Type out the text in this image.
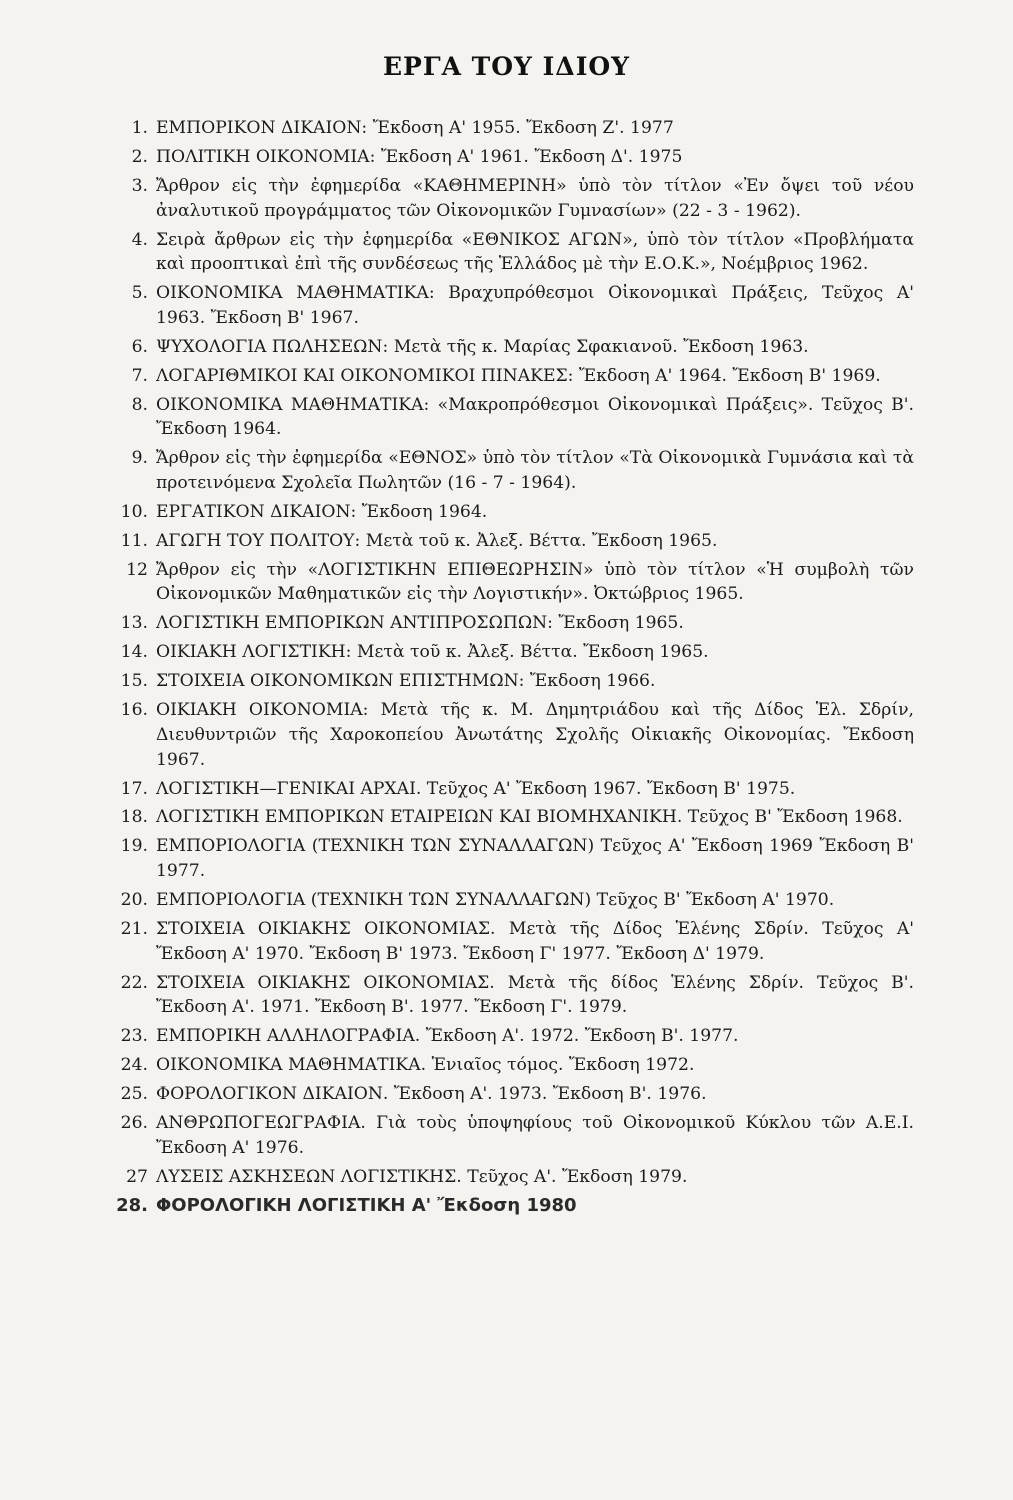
ΕΡΓΑ ΤΟΥ ΙΔΙΟΥ
1. ΕΜΠΟΡΙΚΟΝ ΔΙΚΑΙΟΝ: Ἔκδοση Α' 1955. Ἔκδοση Ζ'. 1977
2. ΠΟΛΙΤΙΚΗ ΟΙΚΟΝΟΜΙΑ: Ἔκδοση Α' 1961. Ἔκδοση Δ'. 1975
3. Ἄρθρον εἰς τὴν ἐφημερίδα «ΚΑΘΗΜΕΡΙΝΗ» ὑπὸ τὸν τίτλον «Ἐν ὄψει τοῦ νέου ἀναλυτικοῦ προγράμματος τῶν Οἰκονομικῶν Γυμνασίων» (22 - 3 - 1962).
4. Σειρὰ ἄρθρων εἰς τὴν ἐφημερίδα «ΕΘΝΙΚΟΣ ΑΓΩΝ», ὑπὸ τὸν τίτλον «Προβλήματα καὶ προοπτικαὶ ἐπὶ τῆς συνδέσεως τῆς Ἑλλάδος μὲ τὴν Ε.Ο.Κ.», Νοέμβριος 1962.
5. ΟΙΚΟΝΟΜΙΚΑ ΜΑΘΗΜΑΤΙΚΑ: Βραχυπρόθεσμοι Οἰκονομικαὶ Πράξεις, Τεῦχος Α' 1963. Ἔκδοση Β' 1967.
6. ΨΥΧΟΛΟΓΙΑ ΠΩΛΗΣΕΩΝ: Μετὰ τῆς κ. Μαρίας Σφακιανοῦ. Ἔκδοση 1963.
7. ΛΟΓΑΡΙΘΜΙΚΟΙ ΚΑΙ ΟΙΚΟΝΟΜΙΚΟΙ ΠΙΝΑΚΕΣ: Ἔκδοση Α' 1964. Ἔκδοση Β' 1969.
8. ΟΙΚΟΝΟΜΙΚΑ ΜΑΘΗΜΑΤΙΚΑ: «Μακροπρόθεσμοι Οἰκονομικαὶ Πράξεις». Τεῦχος Β'. Ἔκδοση 1964.
9. Ἄρθρον εἰς τὴν ἐφημερίδα «ΕΘΝΟΣ» ὑπὸ τὸν τίτλον «Τὰ Οἰκονομικὰ Γυμνάσια καὶ τὰ προτεινόμενα Σχολεῖα Πωλητῶν (16 - 7 - 1964).
10. ΕΡΓΑΤΙΚΟΝ ΔΙΚΑΙΟΝ: Ἔκδοση 1964.
11. ΑΓΩΓΗ ΤΟΥ ΠΟΛΙΤΟΥ: Μετὰ τοῦ κ. Ἀλεξ. Βέττα. Ἔκδοση 1965.
12 Ἄρθρον εἰς τὴν «ΛΟΓΙΣΤΙΚΗΝ ΕΠΙΘΕΩΡΗΣΙΝ» ὑπὸ τὸν τίτλον «Ἡ συμβολὴ τῶν Οἰκονομικῶν Μαθηματικῶν εἰς τὴν Λογιστικήν». Ὀκτώβριος 1965.
13. ΛΟΓΙΣΤΙΚΗ ΕΜΠΟΡΙΚΩΝ ΑΝΤΙΠΡΟΣΩΠΩΝ: Ἔκδοση 1965.
14. ΟΙΚΙΑΚΗ ΛΟΓΙΣΤΙΚΗ: Μετὰ τοῦ κ. Ἀλεξ. Βέττα. Ἔκδοση 1965.
15. ΣΤΟΙΧΕΙΑ ΟΙΚΟΝΟΜΙΚΩΝ ΕΠΙΣΤΗΜΩΝ: Ἔκδοση 1966.
16. ΟΙΚΙΑΚΗ ΟΙΚΟΝΟΜΙΑ: Μετὰ τῆς κ. Μ. Δημητριάδου καὶ τῆς Δίδος Ἑλ. Σδρίν, Διευθυντριῶν τῆς Χαροκοπείου Ἀνωτάτης Σχολῆς Οἰκιακῆς Οἰκονομίας. Ἔκδοση 1967.
17. ΛΟΓΙΣΤΙΚΗ—ΓΕΝΙΚΑΙ ΑΡΧΑΙ. Τεῦχος Α' Ἔκδοση 1967. Ἔκδοση Β' 1975.
18. ΛΟΓΙΣΤΙΚΗ ΕΜΠΟΡΙΚΩΝ ΕΤΑΙΡΕΙΩΝ ΚΑΙ ΒΙΟΜΗΧΑΝΙΚΗ. Τεῦχος Β' Ἔκδοση 1968.
19. ΕΜΠΟΡΙΟΛΟΓΙΑ (ΤΕΧΝΙΚΗ ΤΩΝ ΣΥΝΑΛΛΑΓΩΝ) Τεῦχος Α' Ἔκδοση 1969 Ἔκδοση Β' 1977.
20. ΕΜΠΟΡΙΟΛΟΓΙΑ (ΤΕΧΝΙΚΗ ΤΩΝ ΣΥΝΑΛΛΑΓΩΝ) Τεῦχος Β' Ἔκδοση Α' 1970.
21. ΣΤΟΙΧΕΙΑ ΟΙΚΙΑΚΗΣ ΟΙΚΟΝΟΜΙΑΣ. Μετὰ τῆς Δίδος Ἑλένης Σδρίν. Τεῦχος Α' Ἔκδοση Α' 1970. Ἔκδοση Β' 1973. Ἔκδοση Γ' 1977. Ἔκδοση Δ' 1979.
22. ΣΤΟΙΧΕΙΑ ΟΙΚΙΑΚΗΣ ΟΙΚΟΝΟΜΙΑΣ. Μετὰ τῆς δίδος Ἑλένης Σδρίν. Τεῦχος Β'. Ἔκδοση Α'. 1971. Ἔκδοση Β'. 1977. Ἔκδοση Γ'. 1979.
23. ΕΜΠΟΡΙΚΗ ΑΛΛΗΛΟΓΡΑΦΙΑ. Ἔκδοση Α'. 1972. Ἔκδοση Β'. 1977.
24. ΟΙΚΟΝΟΜΙΚΑ ΜΑΘΗΜΑΤΙΚΑ. Ἑνιαῖος τόμος. Ἔκδοση 1972.
25. ΦΟΡΟΛΟΓΙΚΟΝ ΔΙΚΑΙΟΝ. Ἔκδοση Α'. 1973. Ἔκδοση Β'. 1976.
26. ΑΝΘΡΩΠΟΓΕΩΓΡΑΦΙΑ. Γιὰ τοὺς ὑποψηφίους τοῦ Οἰκονομικοῦ Κύκλου τῶν Α.Ε.Ι. Ἔκδοση Α' 1976.
27 ΛΥΣΕΙΣ ΑΣΚΗΣΕΩΝ ΛΟΓΙΣΤΙΚΗΣ. Τεῦχος Α'. Ἔκδοση 1979.
28. ΦΟΡΟΛΟΓΙΚΗ ΛΟΓΙΣΤΙΚΗ Α' Ἔκδοση 1980
